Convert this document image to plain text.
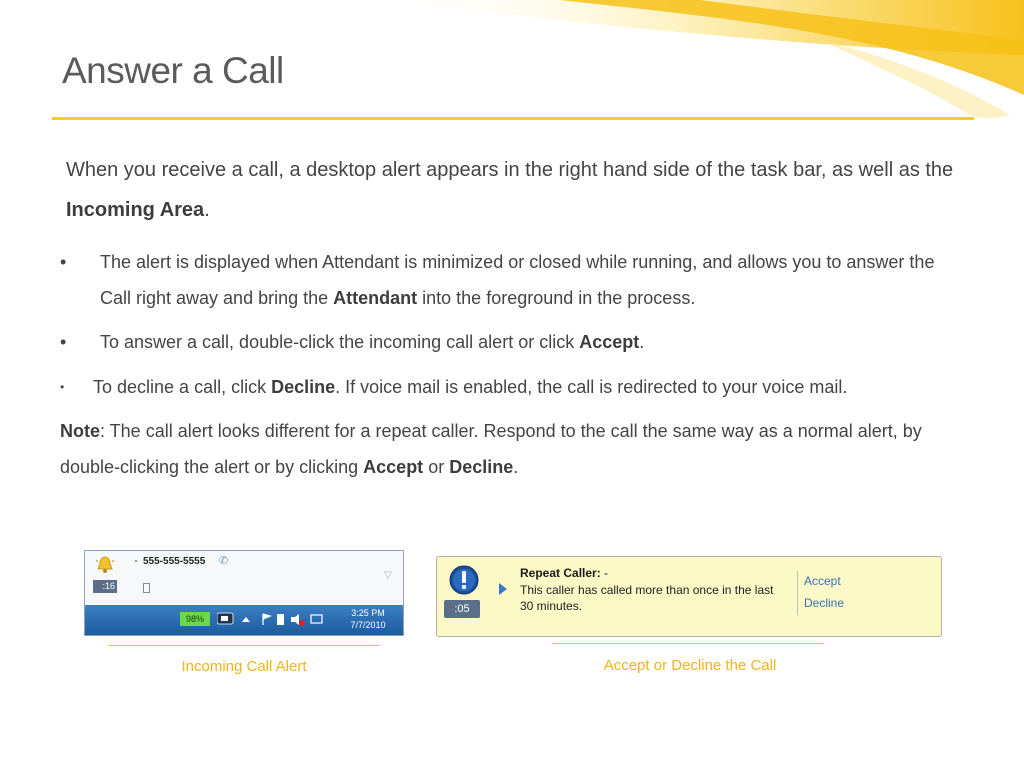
Answer a Call
When you receive a call, a desktop alert appears in the right hand side of the task bar, as well as the Incoming Area.
• The alert is displayed when Attendant is minimized or closed while running, and allows you to answer the Call right away and bring the Attendant into the foreground in the process.
• To answer a call, double-click the incoming call alert or click Accept.
• To decline a call, click Decline. If voice mail is enabled, the call is redirected to your voice mail.
Note: The call alert looks different for a repeat caller. Respond to the call the same way as a normal alert, by double-clicking the alert or by clicking Accept or Decline.
:16
555-555-5555 ✆
▽
98%
3:25 PM
7/7/2010
Incoming Call Alert
:05
Repeat Caller: -
This caller has called more than once in the last 30 minutes.
Accept
Decline
Accept or Decline the Call
